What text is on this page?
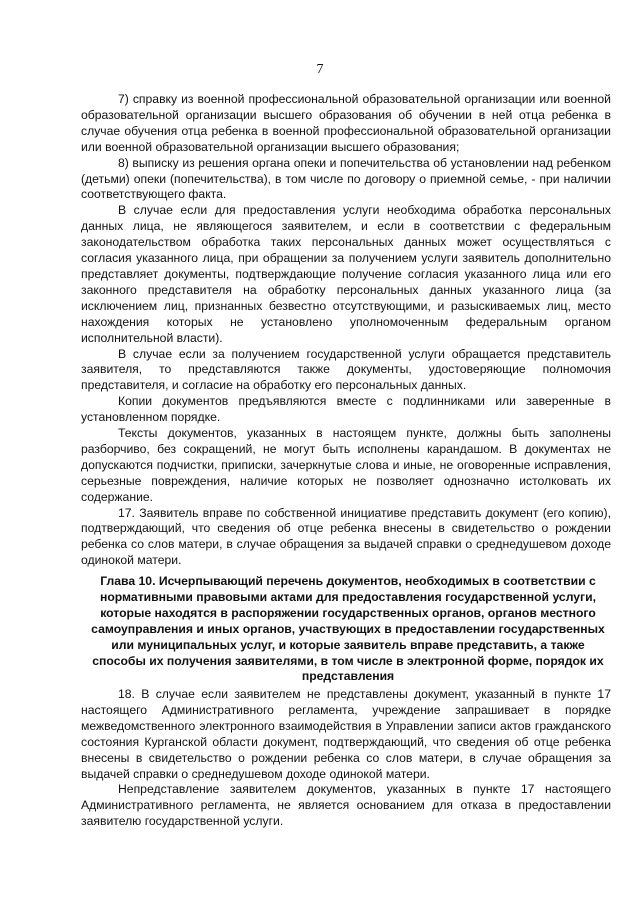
7

7) справку из военной профессиональной образовательной организации или военной образовательной организации высшего образования об обучении в ней отца ребенка в случае обучения отца ребенка в военной профессиональной образовательной организации или военной образовательной организации высшего образования;

8) выписку из решения органа опеки и попечительства об установлении над ребенком (детьми) опеки (попечительства), в том числе по договору о приемной семье, - при наличии соответствующего факта.

В случае если для предоставления услуги необходима обработка персональных данных лица, не являющегося заявителем, и если в соответствии с федеральным законодательством обработка таких персональных данных может осуществляться с согласия указанного лица, при обращении за получением услуги заявитель дополнительно представляет документы, подтверждающие получение согласия указанного лица или его законного представителя на обработку персональных данных указанного лица (за исключением лиц, признанных безвестно отсутствующими, и разыскиваемых лиц, место нахождения которых не установлено уполномоченным федеральным органом исполнительной власти).

В случае если за получением государственной услуги обращается представитель заявителя, то представляются также документы, удостоверяющие полномочия представителя, и согласие на обработку его персональных данных.

Копии документов предъявляются вместе с подлинниками или заверенные в установленном порядке.

Тексты документов, указанных в настоящем пункте, должны быть заполнены разборчиво, без сокращений, не могут быть исполнены карандашом. В документах не допускаются подчистки, приписки, зачеркнутые слова и иные, не оговоренные исправления, серьезные повреждения, наличие которых не позволяет однозначно истолковать их содержание.

17. Заявитель вправе по собственной инициативе представить документ (его копию), подтверждающий, что сведения об отце ребенка внесены в свидетельство о рождении ребенка со слов матери, в случае обращения за выдачей справки о среднедушевом доходе одинокой матери.

Глава 10. Исчерпывающий перечень документов, необходимых в соответствии с нормативными правовыми актами для предоставления государственной услуги, которые находятся в распоряжении государственных органов, органов местного самоуправления и иных органов, участвующих в предоставлении государственных или муниципальных услуг, и которые заявитель вправе представить, а также способы их получения заявителями, в том числе в электронной форме, порядок их представления

18. В случае если заявителем не представлены документ, указанный в пункте 17 настоящего Административного регламента, учреждение запрашивает в порядке межведомственного электронного взаимодействия в Управлении записи актов гражданского состояния Курганской области документ, подтверждающий, что сведения об отце ребенка внесены в свидетельство о рождении ребенка со слов матери, в случае обращения за выдачей справки о среднедушевом доходе одинокой матери.

Непредставление заявителем документов, указанных в пункте 17 настоящего Административного регламента, не является основанием для отказа в предоставлении заявителю государственной услуги.
